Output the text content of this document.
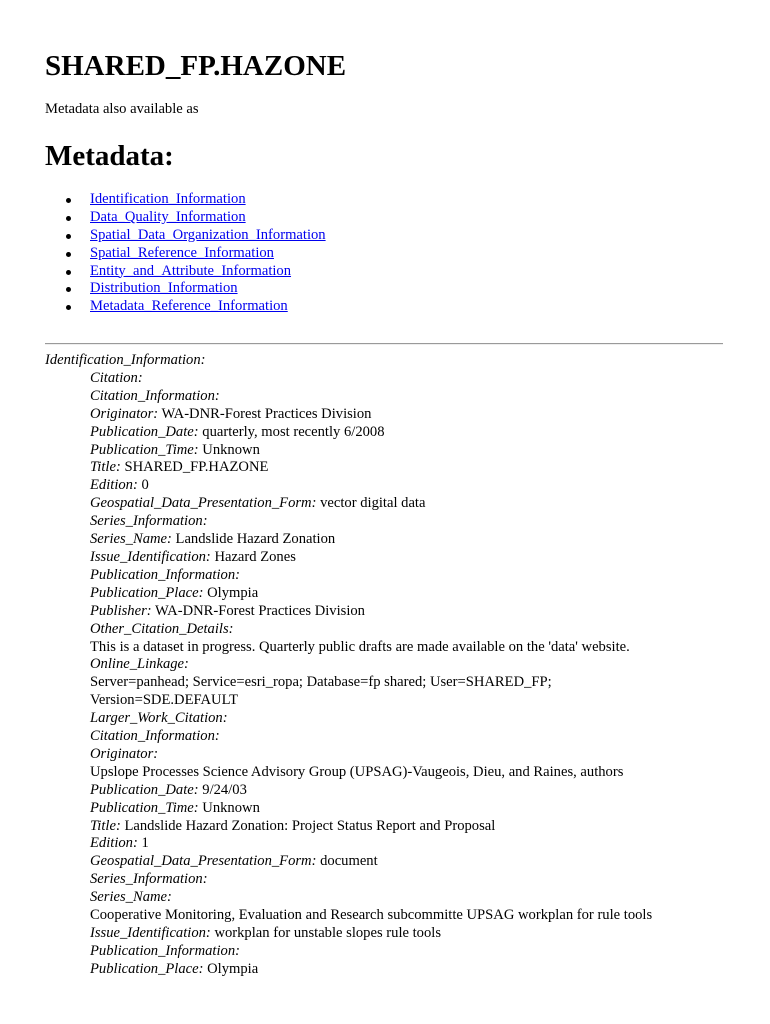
SHARED_FP.HAZONE
Metadata also available as
Metadata:
Identification_Information
Data_Quality_Information
Spatial_Data_Organization_Information
Spatial_Reference_Information
Entity_and_Attribute_Information
Distribution_Information
Metadata_Reference_Information
Identification_Information:
Citation:
Citation_Information:
Originator: WA-DNR-Forest Practices Division
Publication_Date: quarterly, most recently 6/2008
Publication_Time: Unknown
Title: SHARED_FP.HAZONE
Edition: 0
Geospatial_Data_Presentation_Form: vector digital data
Series_Information:
Series_Name: Landslide Hazard Zonation
Issue_Identification: Hazard Zones
Publication_Information:
Publication_Place: Olympia
Publisher: WA-DNR-Forest Practices Division
Other_Citation_Details:
This is a dataset in progress. Quarterly public drafts are made available on the 'data' website.
Online_Linkage:
Server=panhead; Service=esri_ropa; Database=fp shared; User=SHARED_FP;
Version=SDE.DEFAULT
Larger_Work_Citation:
Citation_Information:
Originator:
Upslope Processes Science Advisory Group (UPSAG)-Vaugeois, Dieu, and Raines, authors
Publication_Date: 9/24/03
Publication_Time: Unknown
Title: Landslide Hazard Zonation: Project Status Report and Proposal
Edition: 1
Geospatial_Data_Presentation_Form: document
Series_Information:
Series_Name:
Cooperative Monitoring, Evaluation and Research subcommitte UPSAG workplan for rule tools
Issue_Identification: workplan for unstable slopes rule tools
Publication_Information:
Publication_Place: Olympia
